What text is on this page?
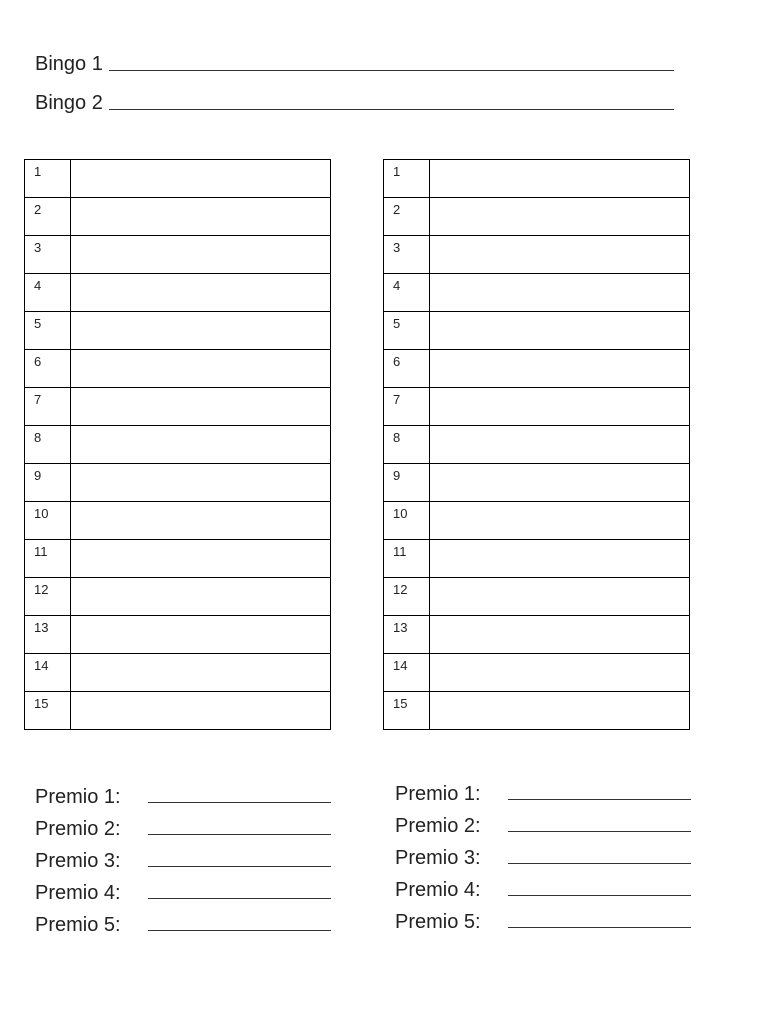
Bingo 1
Bingo 2
1	
2	
3	
4	
5	
6	
7	
8	
9	
10	
11	
12	
13	
14	
15	
1	
2	
3	
4	
5	
6	
7	
8	
9	
10	
11	
12	
13	
14	
15	
Premio 1:
Premio 2:
Premio 3:
Premio 4:
Premio 5:
Premio 1:
Premio 2:
Premio 3:
Premio 4:
Premio 5:
